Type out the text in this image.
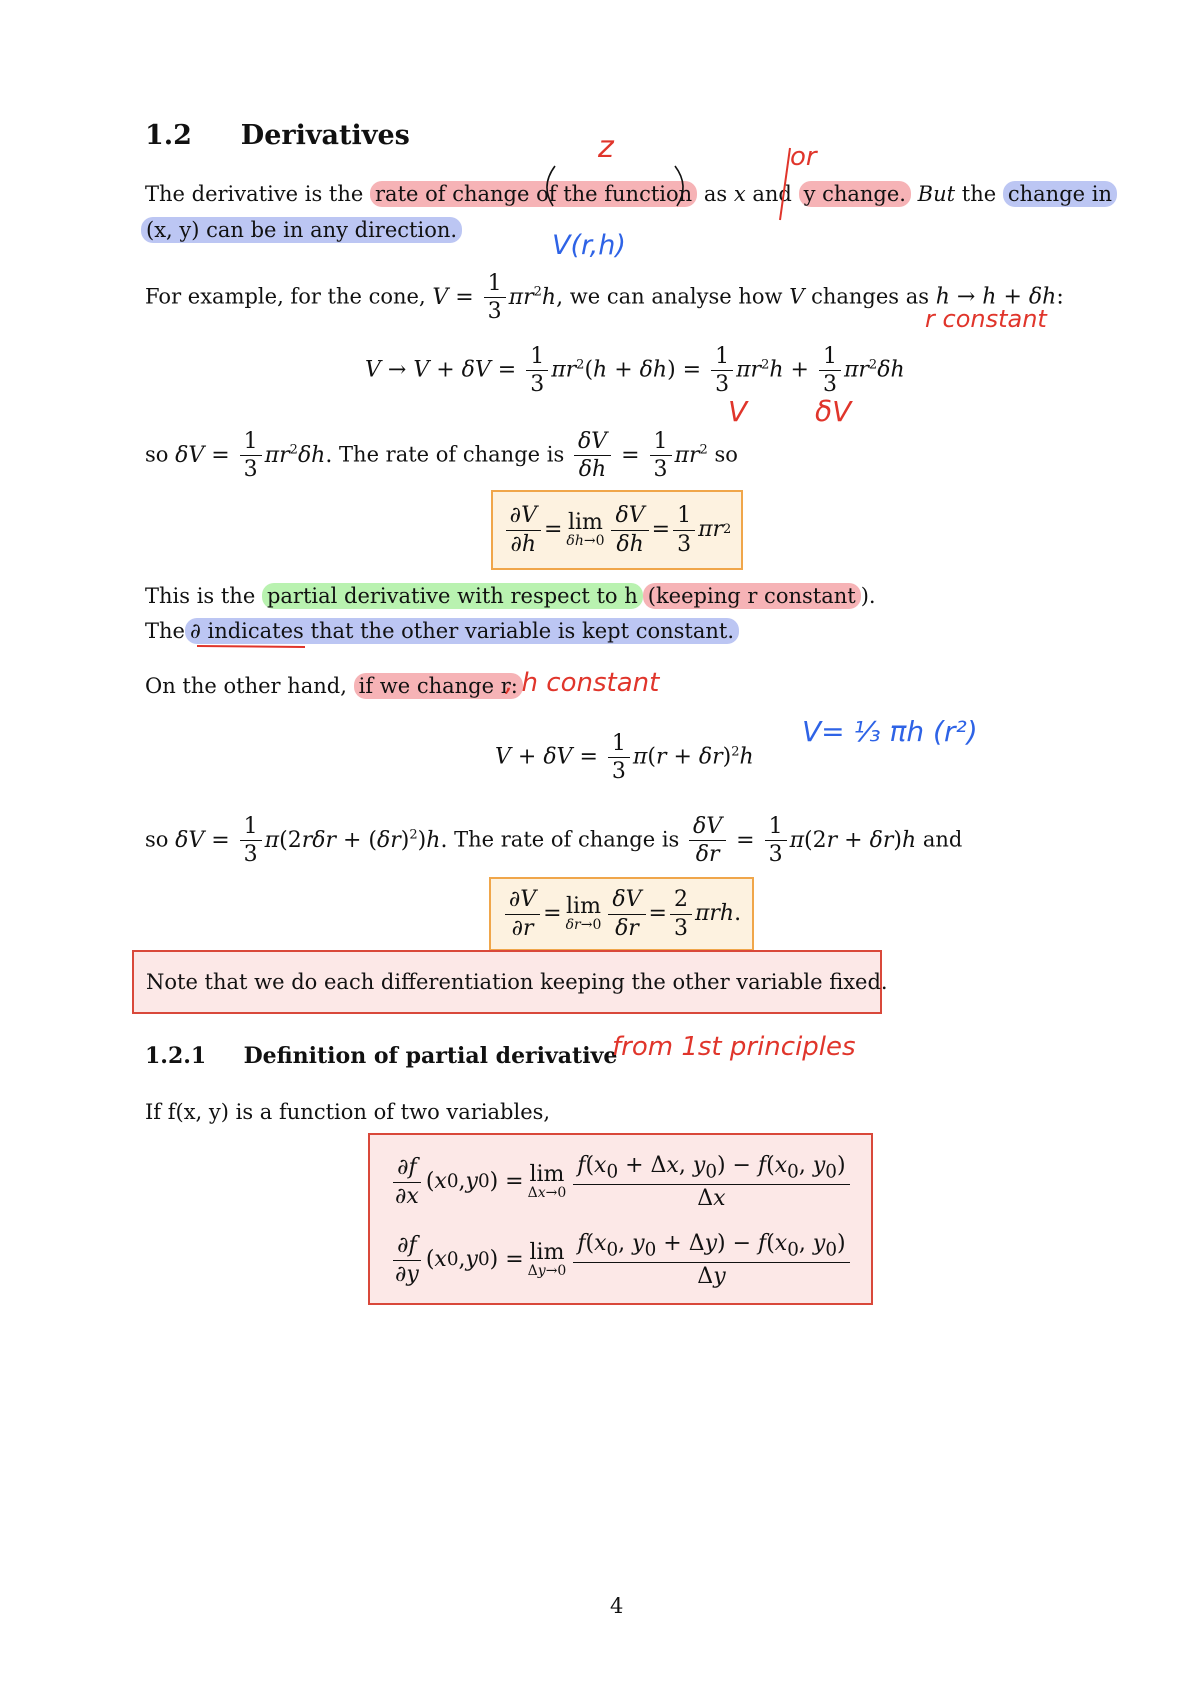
1.2 Derivatives
The derivative is the rate of change of the function as x and y change. But the change in
(x, y) can be in any direction.
z	or
V(r,h)
For example, for the cone, $V = \frac{1}{3} \pi r^2h$, we can analyse how V changes as h → h + δh:
r constant
$V \to V + \delta V = \frac{1}{3} \pi r^2(h + \delta h) = \frac{1}{3} \pi r^2h + \frac{1}{3} \pi r^2\delta h$
V δV
so $\delta V = \frac{1}{3} \pi r^2\delta h$. The rate of change is $\frac{\delta V}{\delta h} = \frac{1}{3} \pi r^2$ so
$\frac{\partial V}{\partial h} = \lim$
$\delta h\to 0 \frac{\delta V}{\delta h} = \frac{1}{3}$ πr 2
This is the partial derivative with respect to h (keeping r constant ).
The ∂ indicates that the other variable is kept constant.
On the other hand, if we change r:
, h constant
$V + \delta V = \frac{1}{3} \pi(r + \delta r)^2h$
V= ⅓ πh (r²)
so $\delta V = \frac{1}{3} \pi(2r\delta r + (\delta r)^2)h$. The rate of change is $\frac{\delta V}{\delta r} = \frac{1}{3} \pi(2r + \delta r)h$ and
$\frac{\partial V}{\partial r} = \lim$
$\delta r\to 0 \frac{\delta V}{\delta r} = \frac{2}{3}$ πrh .
Note that we do each differentiation keeping the other variable fixed.
1.2.1 Definition of partial derivative
from 1st principles
If f(x, y) is a function of two variables,
$\frac{\partial f}{\partial x}$ ( x 0 , y 0 ) = lim
$\Delta x\to 0 \frac{f(x_0 + \Delta x, y_0) - f(x_0, y_0)}{\Delta x}$
$\frac{\partial f}{\partial y}$ ( x 0 , y 0 ) = lim
$\Delta y\to 0 \frac{f(x_0, y_0 + \Delta y) - f(x_0, y_0)}{\Delta y}$
4
